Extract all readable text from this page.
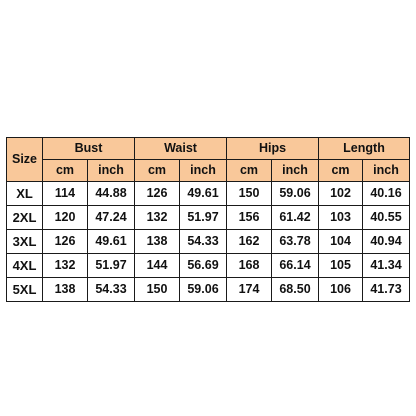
Size	Bust		Waist		Hips		Length	
	cm	inch	cm	inch	cm	inch	cm	inch
XL	114	44.88	126	49.61	150	59.06	102	40.16
2XL	120	47.24	132	51.97	156	61.42	103	40.55
3XL	126	49.61	138	54.33	162	63.78	104	40.94
4XL	132	51.97	144	56.69	168	66.14	105	41.34
5XL	138	54.33	150	59.06	174	68.50	106	41.73
